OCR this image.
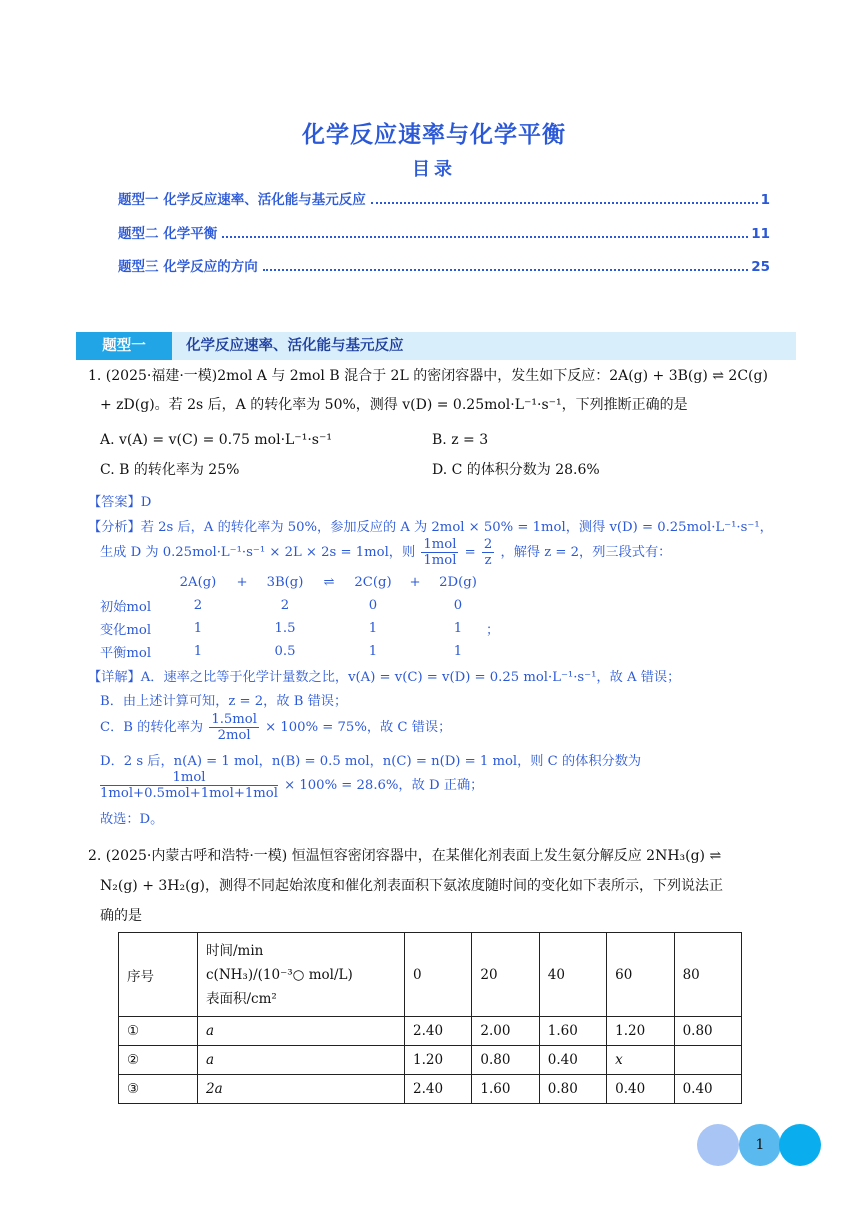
化学反应速率与化学平衡
目录
题型一 化学反应速率、活化能与基元反应	1
题型二 化学平衡	11
题型三 化学反应的方向	25
题型一	化学反应速率、活化能与基元反应
1. (2025·福建·一模)2mol A 与 2mol B 混合于 2L 的密闭容器中，发生如下反应：2A(g) + 3B(g) ⇌ 2C(g)
+ zD(g)。若 2s 后，A 的转化率为 50%，测得 v(D) = 0.25mol·L⁻¹·s⁻¹，下列推断正确的是
A. v(A) = v(C) = 0.75 mol·L⁻¹·s⁻¹	B. z = 3
C. B 的转化率为 25%	D. C 的体积分数为 28.6%
【答案】D
【分析】若 2s 后，A 的转化率为 50%，参加反应的 A 为 2mol × 50% = 1mol，测得 v(D) = 0.25mol·L⁻¹·s⁻¹，
生成 D 为 0.25mol·L⁻¹·s⁻¹ × 2L × 2s = 1mol，则 $\frac{\text{1mol}}{\text{1mol}} = \frac{2}{z}$ ，解得 z = 2，列三段式有：
	2A(g)	+	3B(g)	⇌	2C(g)	+	2D(g)	
初始mol	2		2		0		0	
变化mol	1		1.5		1		1	；
平衡mol	1		0.5		1		1	
【详解】A．速率之比等于化学计量数之比，v(A) = v(C) = v(D) = 0.25 mol·L⁻¹·s⁻¹，故 A 错误；
B．由上述计算可知，z = 2，故 B 错误；
C．B 的转化率为 $\frac{\text{1.5mol}}{\text{2mol}} \times 100\% = 75\%$，故 C 错误；
D．2 s 后，n(A) = 1 mol，n(B) = 0.5 mol，n(C) = n(D) = 1 mol，则 C 的体积分数为
$\frac{\text{1mol}}{\text{1mol+0.5mol+1mol+1mol}} \times 100\% = 28.6\%$，故 D 正确；
故选：D。
2. (2025·内蒙古呼和浩特·一模) 恒温恒容密闭容器中，在某催化剂表面上发生氨分解反应 2NH₃(g) ⇌
N₂(g) + 3H₂(g)，测得不同起始浓度和催化剂表面积下氨浓度随时间的变化如下表所示，下列说法正
确的是
序号	时间/min
c(NH₃)/(10⁻³○ mol/L)
表面积/cm²	0	20	40	60	80
①	a	2.40	2.00	1.60	1.20	0.80
②	a	1.20	0.80	0.40	x	
③	2a	2.40	1.60	0.80	0.40	0.40
1
